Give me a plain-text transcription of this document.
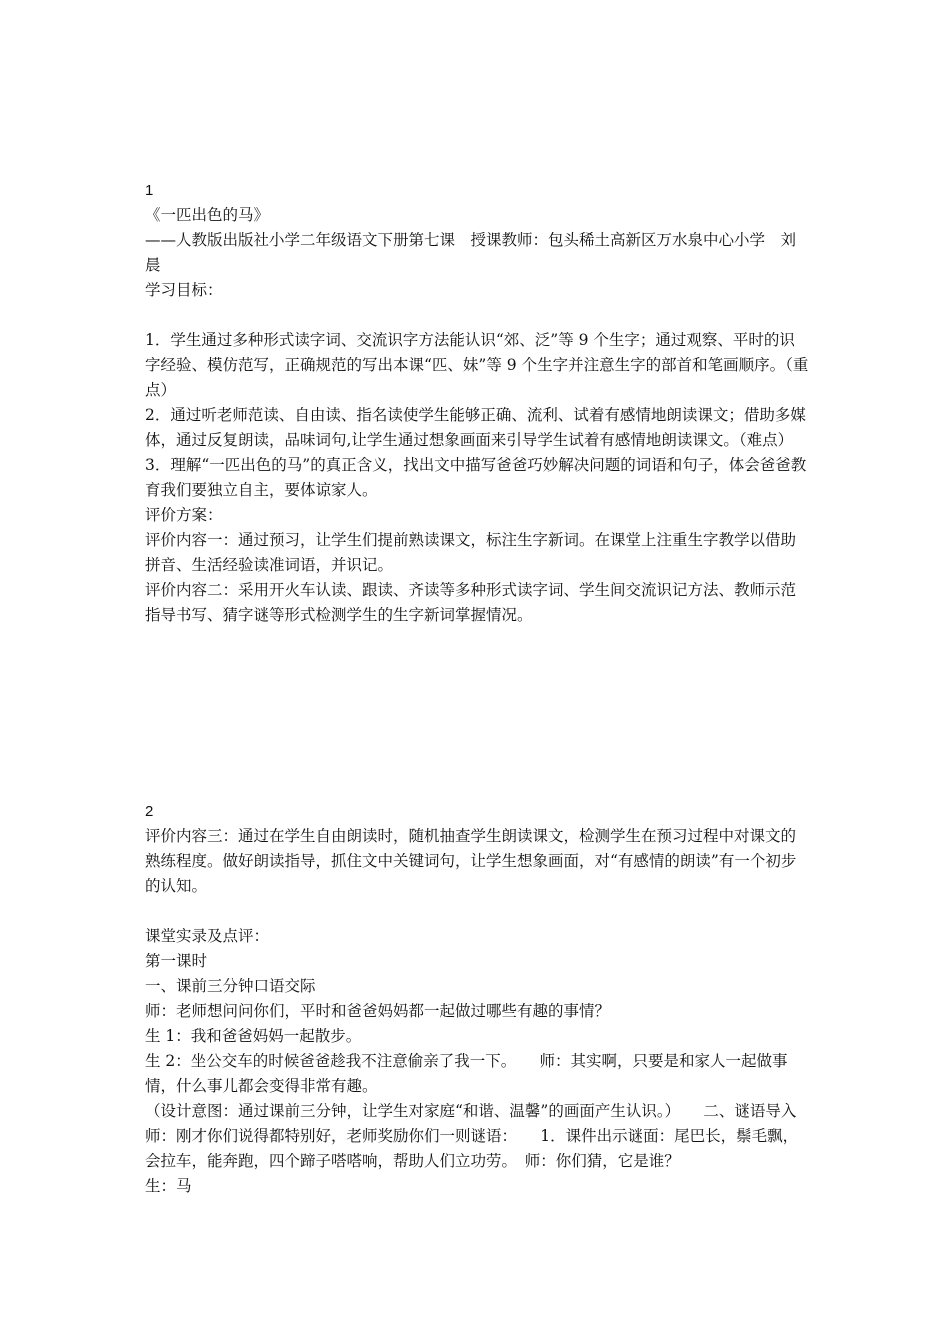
1

《一匹出色的马》

——人教版出版社小学二年级语文下册第七课　授课教师：包头稀土高新区万水泉中心小学　刘晨

学习目标：

1．学生通过多种形式读字词、交流识字方法能认识“郊、泛”等 9 个生字；通过观察、平时的识字经验、模仿范写，正确规范的写出本课“匹、妹”等 9 个生字并注意生字的部首和笔画顺序。（重点）

2．通过听老师范读、自由读、指名读使学生能够正确、流利、试着有感情地朗读课文；借助多媒体，通过反复朗读，品味词句,让学生通过想象画面来引导学生试着有感情地朗读课文。（难点）

3．理解“一匹出色的马”的真正含义，找出文中描写爸爸巧妙解决问题的词语和句子，体会爸爸教育我们要独立自主，要体谅家人。

评价方案：

评价内容一：通过预习，让学生们提前熟读课文，标注生字新词。在课堂上注重生字教学以借助拼音、生活经验读准词语，并识记。

评价内容二：采用开火车认读、跟读、齐读等多种形式读字词、学生间交流识记方法、教师示范指导书写、猜字谜等形式检测学生的生字新词掌握情况。

2

评价内容三：通过在学生自由朗读时，随机抽查学生朗读课文，检测学生在预习过程中对课文的熟练程度。做好朗读指导，抓住文中关键词句，让学生想象画面，对“有感情的朗读”有一个初步的认知。

课堂实录及点评：

第一课时

一、课前三分钟口语交际

师：老师想问问你们，平时和爸爸妈妈都一起做过哪些有趣的事情？

生 1：我和爸爸妈妈一起散步。

生 2：坐公交车的时候爸爸趁我不注意偷亲了我一下。　　师：其实啊，只要是和家人一起做事情，什么事儿都会变得非常有趣。

（设计意图：通过课前三分钟，让学生对家庭“和谐、温馨”的画面产生认识。）　　二、谜语导入

师：刚才你们说得都特别好，老师奖励你们一则谜语：　　1．课件出示谜面：尾巴长，鬃毛飘，会拉车，能奔跑，四个蹄子嗒嗒响，帮助人们立功劳。　师：你们猜，它是谁？

生：马
